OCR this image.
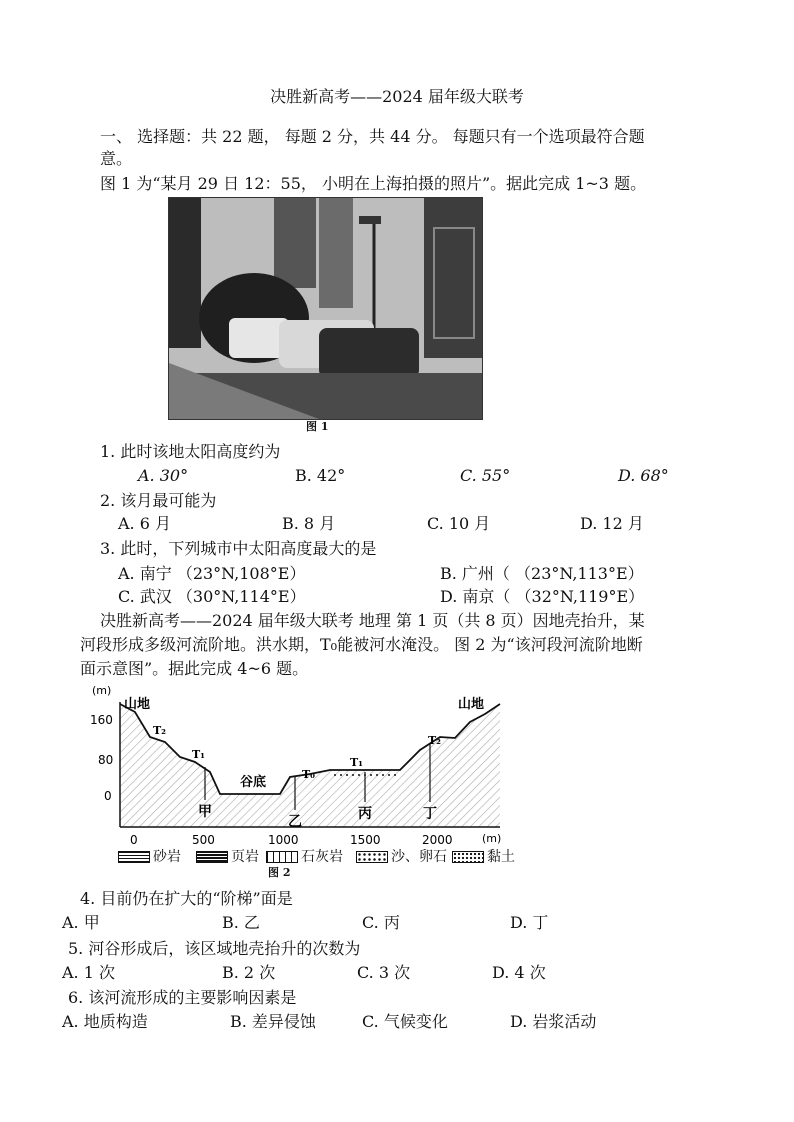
决胜新高考——2024 届年级大联考
一、 选择题：共 22 题， 每题 2 分，共 44 分。 每题只有一个选项最符合题
意。
图 1 为“某月 29 日 12：55， 小明在上海拍摄的照片”。据此完成 1~3 题。
图 1
1. 此时该地太阳高度约为
A. 30°	B. 42°	C. 55°	D. 68°
2. 该月最可能为
A. 6 月	B. 8 月	C. 10 月	D. 12 月
3. 此时，下列城市中太阳高度最大的是
A. 南宁 （23°N,108°E）	B. 广州（ （23°N,113°E）
C. 武汉 （30°N,114°E）	D. 南京（ （32°N,119°E）
决胜新高考——2024 届年级大联考 地理 第 1 页（共 8 页）因地壳抬升，某
河段形成多级河流阶地。洪水期，T₀能被河水淹没。 图 2 为“该河段河流阶地断
面示意图”。据此完成 4~6 题。
(m)
(m)
160
80
0
0	500	1000	1500	2000
山地	山地
谷底
T₂
T₁
T₀
T₁
T₂
甲
乙	丙	丁
砂岩	页岩	石灰岩	沙、卵石	黏土
图 2
4. 目前仍在扩大的“阶梯”面是
A. 甲	B. 乙	C. 丙	D. 丁
5. 河谷形成后，该区域地壳抬升的次数为
A. 1 次	B. 2 次	C. 3 次	D. 4 次
6. 该河流形成的主要影响因素是
A. 地质构造	B. 差异侵蚀	C. 气候变化	D. 岩浆活动
